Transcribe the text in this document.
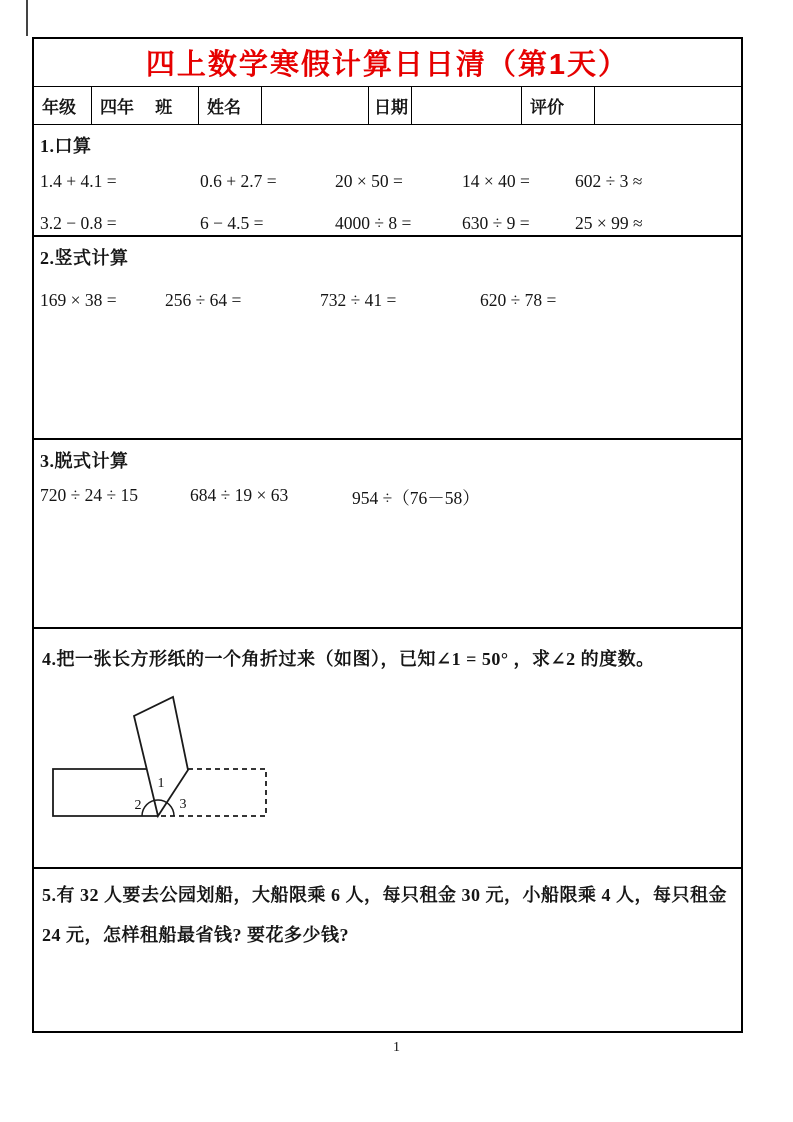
四上数学寒假计算日日清（第1天）
年级	四年　 班	姓名	日期	评价
1.口算
1.4 + 4.1 =	0.6 + 2.7 =	20 × 50 =	14 × 40 =	602 ÷ 3 ≈
3.2 − 0.8 =	6 − 4.5 =	4000 ÷ 8 =	630 ÷ 9 =	25 × 99 ≈
2.竖式计算
169 × 38 =	256 ÷ 64 =	732 ÷ 41 =	620 ÷ 78 =
3.脱式计算
720 ÷ 24 ÷ 15	684 ÷ 19 × 63	954 ÷（76－58）
4.把一张长方形纸的一个角折过来（如图），已知∠1 = 50° ，求∠2 的度数。
1
2	3
5.有 32 人要去公园划船，大船限乘 6 人，每只租金 30 元，小船限乘 4 人，每只租金
24 元，怎样租船最省钱? 要花多少钱?
1
